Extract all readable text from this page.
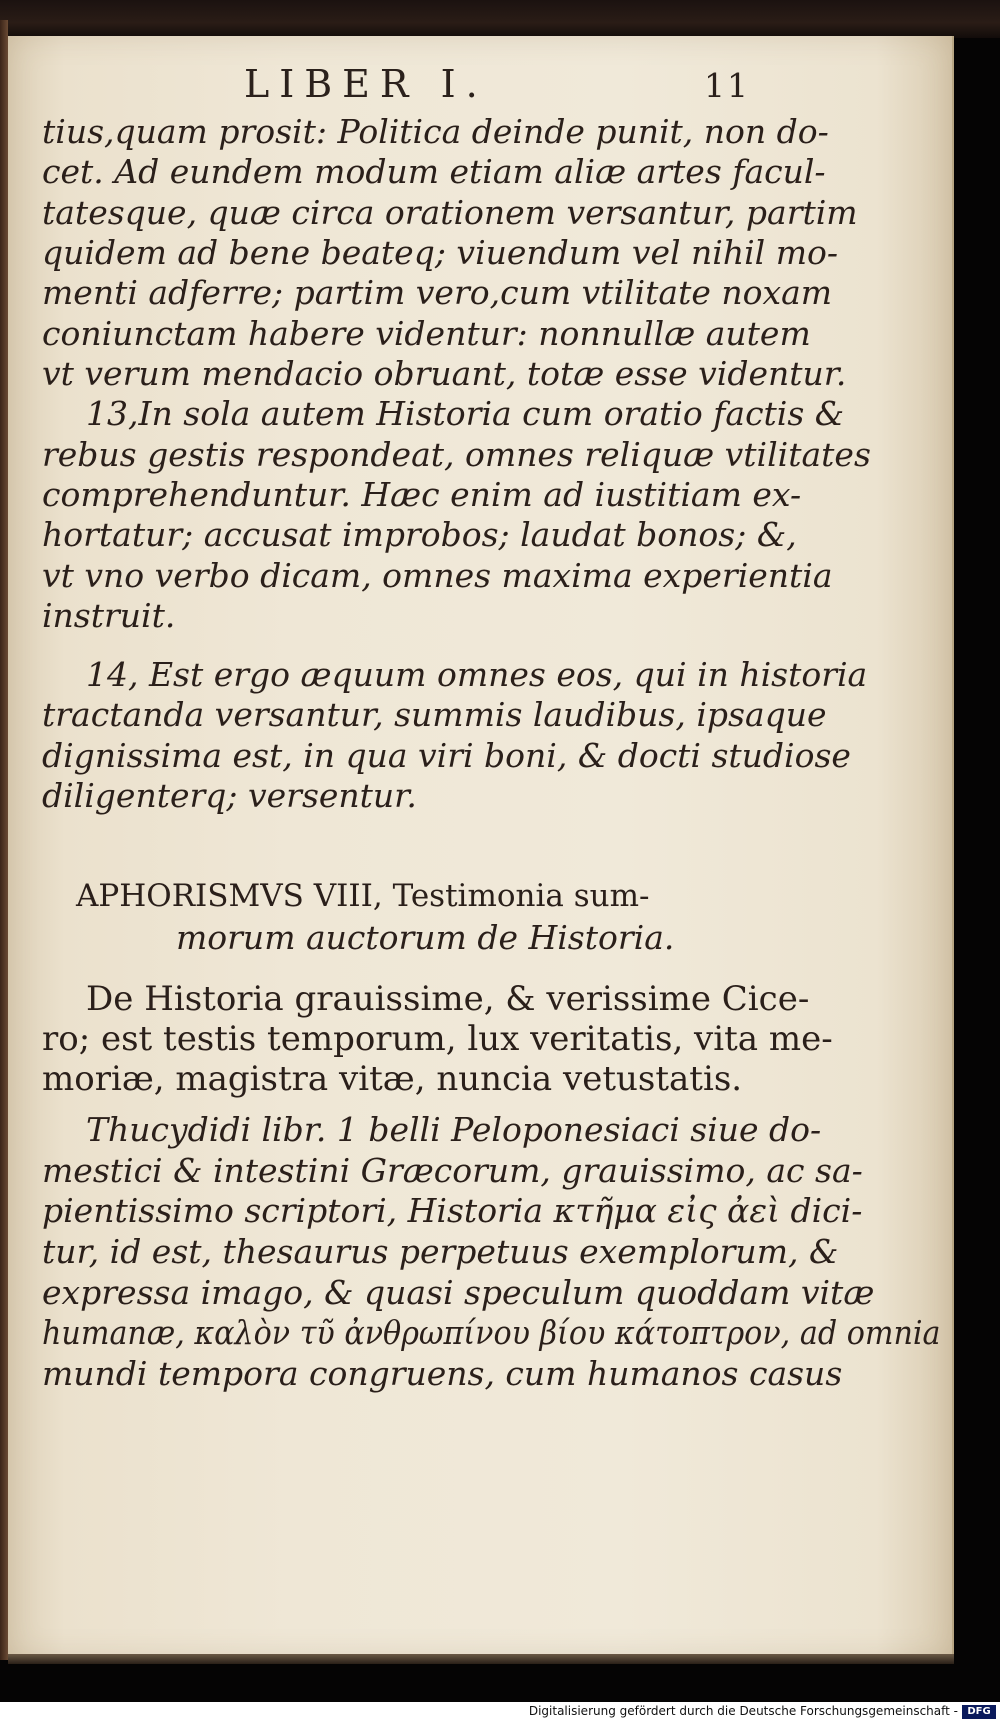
LIBER I.	11
tius,quam prosit: Politica deinde punit, non do-
cet. Ad eundem modum etiam aliæ artes facul-
tatesque, quæ circa orationem versantur, partim
quidem ad bene beateq; viuendum vel nihil mo-
menti adferre; partim vero,cum vtilitate noxam
coniunctam habere videntur: nonnullæ autem
vt verum mendacio obruant, totæ esse videntur.
13,In sola autem Historia cum oratio factis &
rebus gestis respondeat, omnes reliquæ vtilitates
comprehenduntur. Hæc enim ad iustitiam ex-
hortatur; accusat improbos; laudat bonos; &,
vt vno verbo dicam, omnes maxima experientia
instruit.
14, Est ergo æquum omnes eos, qui in historia
tractanda versantur, summis laudibus, ipsaque
dignissima est, in qua viri boni, & docti studiose
diligenterq; versentur.
APHORISMVS VIII, Testimonia sum-
morum auctorum de Historia.
De Historia grauissime, & verissime Cice-
ro; est testis temporum, lux veritatis, vita me-
moriæ, magistra vitæ, nuncia vetustatis.
Thucydidi libr. 1 belli Peloponesiaci siue do-
mestici & intestini Græcorum, grauissimo, ac sa-
pientissimo scriptori, Historia κτῆμα εἰς ἀεὶ dici-
tur, id est, thesaurus perpetuus exemplorum, &
expressa imago, & quasi speculum quoddam vitæ
humanæ, καλὸν τῦ ἀνθρωπίνου βίου κάτοπτρον, ad omnia
mundi tempora congruens, cum humanos casus
Digitalisierung gefördert durch die Deutsche Forschungsgemeinschaft - DFG
